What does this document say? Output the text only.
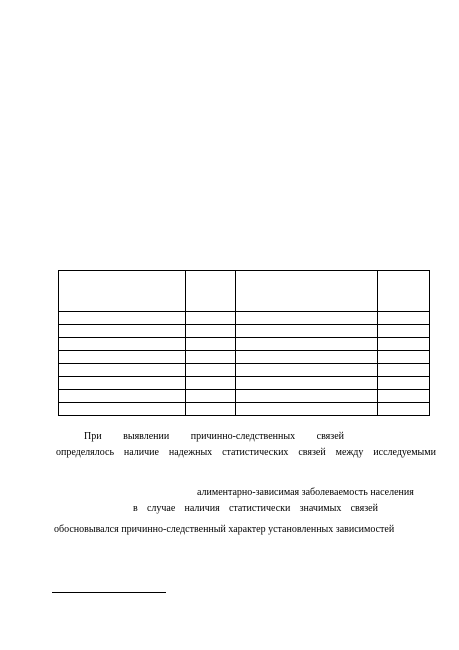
При выявлении причинно-следственных связей
определялось наличие надежных статистических связей между исследуемыми
алиментарно-зависимая заболеваемость населения
в случае наличия статистически значимых связей
обосновывался причинно-следственный характер установленных зависимостей
